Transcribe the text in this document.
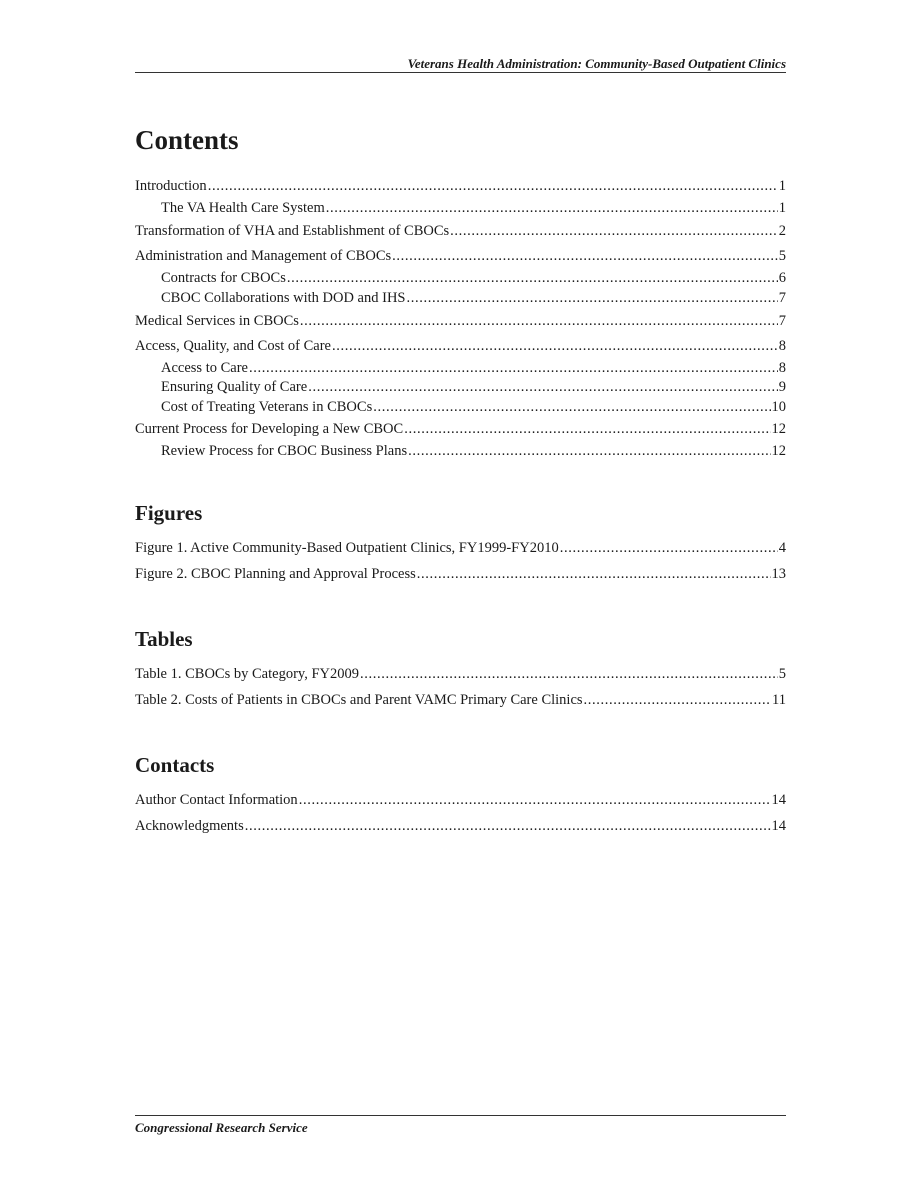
Veterans Health Administration: Community-Based Outpatient Clinics
Contents
Introduction . . .	1
The VA Health Care System . . .	1
Transformation of VHA and Establishment of CBOCs . . .	2
Administration and Management of CBOCs . . .	5
Contracts for CBOCs . . .	6
CBOC Collaborations with DOD and IHS . . .	7
Medical Services in CBOCs . . .	7
Access, Quality, and Cost of Care . . .	8
Access to Care . . .	8
Ensuring Quality of Care . . .	9
Cost of Treating Veterans in CBOCs . . .	10
Current Process for Developing a New CBOC . . .	12
Review Process for CBOC Business Plans . . .	12
Figures
Figure 1. Active Community-Based Outpatient Clinics, FY1999-FY2010 . . .	4
Figure 2. CBOC Planning and Approval Process . . .	13
Tables
Table 1. CBOCs by Category, FY2009 . . .	5
Table 2. Costs of Patients in CBOCs and Parent VAMC Primary Care Clinics . . .	11
Contacts
Author Contact Information . . .	14
Acknowledgments . . .	14
Congressional Research Service
